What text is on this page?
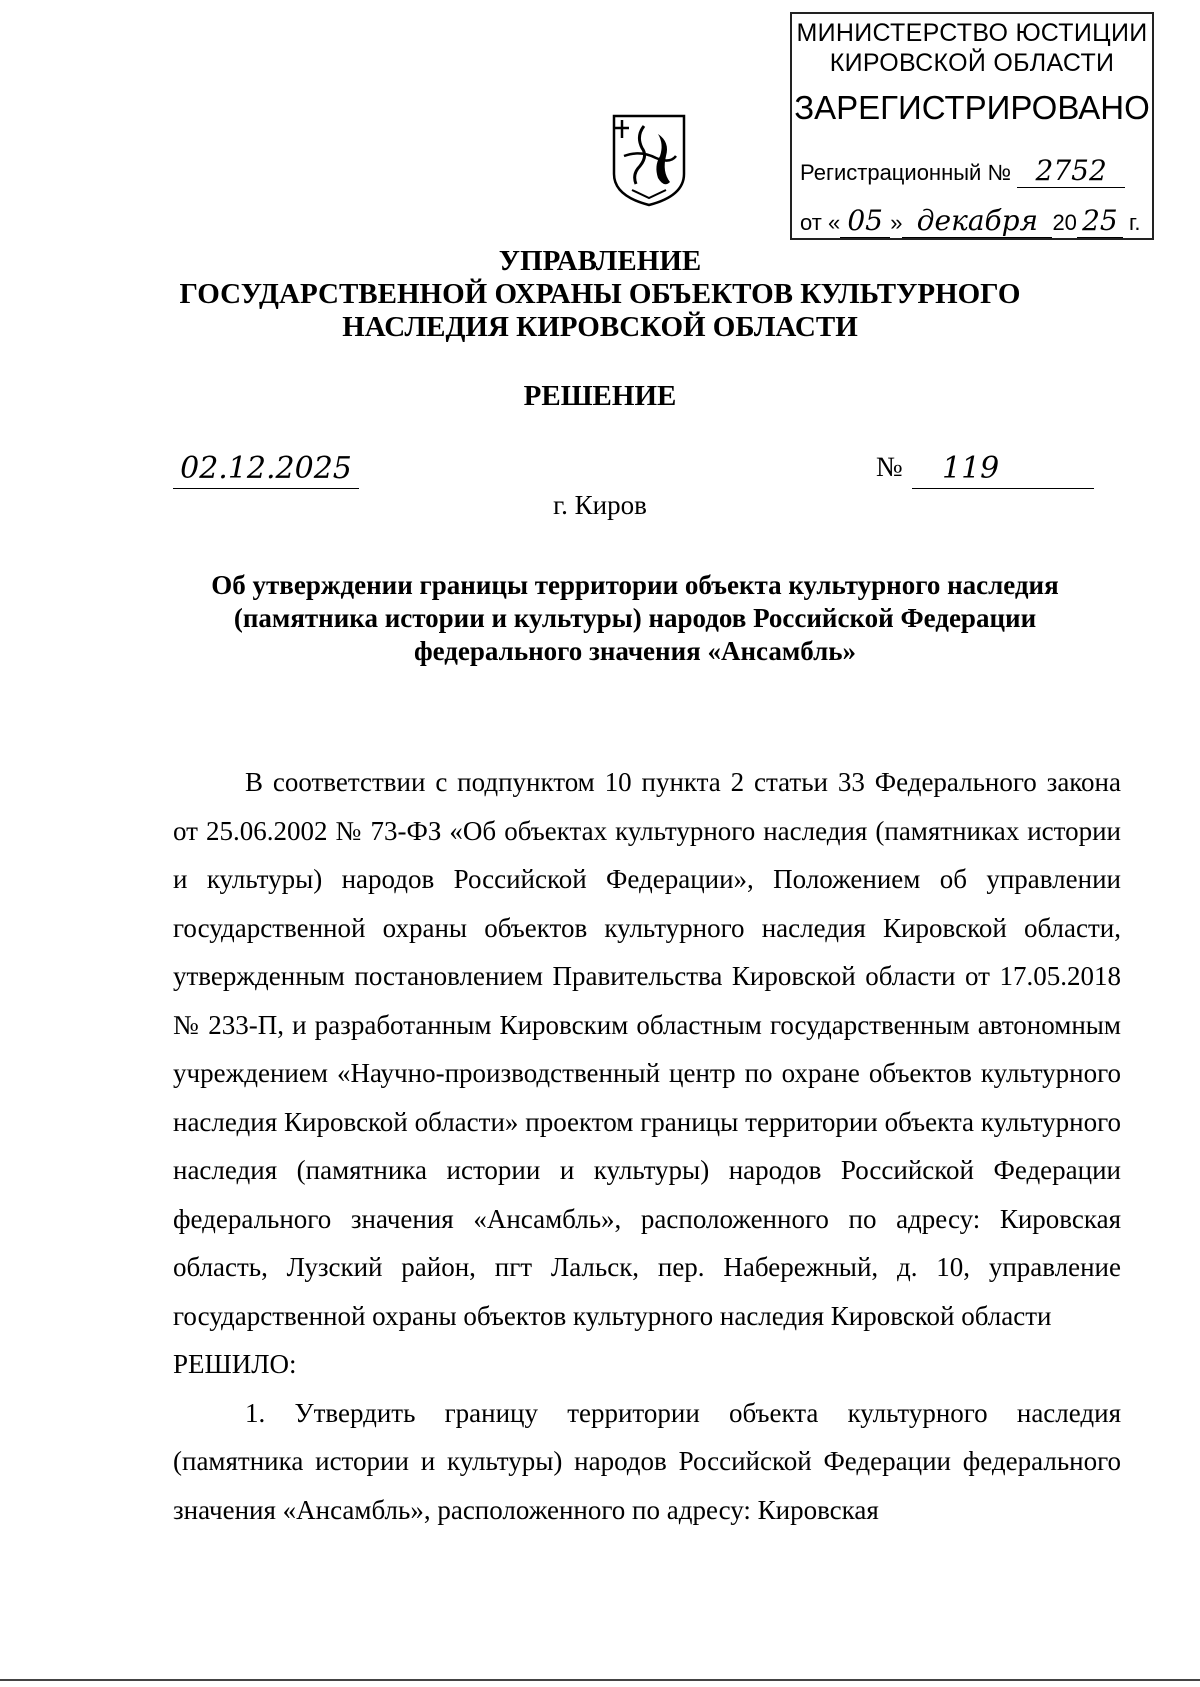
МИНИСТЕРСТВО ЮСТИЦИИ
КИРОВСКОЙ ОБЛАСТИ
ЗАРЕГИСТРИРОВАНО
Регистрационный № 2752
от « 05 » декабря 20 25 г.
УПРАВЛЕНИЕ
ГОСУДАРСТВЕННОЙ ОХРАНЫ ОБЪЕКТОВ КУЛЬТУРНОГО
НАСЛЕДИЯ КИРОВСКОЙ ОБЛАСТИ
РЕШЕНИЕ
02.12.2025	№	119
г. Киров
Об утверждении границы территории объекта культурного наследия
(памятника истории и культуры) народов Российской Федерации
федерального значения «Ансамбль»

В соответствии с подпунктом 10 пункта 2 статьи 33 Федерального закона от 25.06.2002 № 73-ФЗ «Об объектах культурного наследия (памятниках истории и культуры) народов Российской Федерации», Положением об управлении государственной охраны объектов культурного наследия Кировской области, утвержденным постановлением Правительства Кировской области от 17.05.2018 № 233-П, и разработанным Кировским областным государственным автономным учреждением «Научно-производственный центр по охране объектов культурного наследия Кировской области» проектом границы территории объекта культурного наследия (памятника истории и культуры) народов Российской Федерации федерального значения «Ансамбль», расположенного по адресу: Кировская область, Лузский район, пгт Лальск, пер. Набережный, д. 10, управление государственной охраны объектов культурного наследия Кировской области

РЕШИЛО:

1. Утвердить границу территории объекта культурного наследия (памятника истории и культуры) народов Российской Федерации федерального значения «Ансамбль», расположенного по адресу: Кировская
